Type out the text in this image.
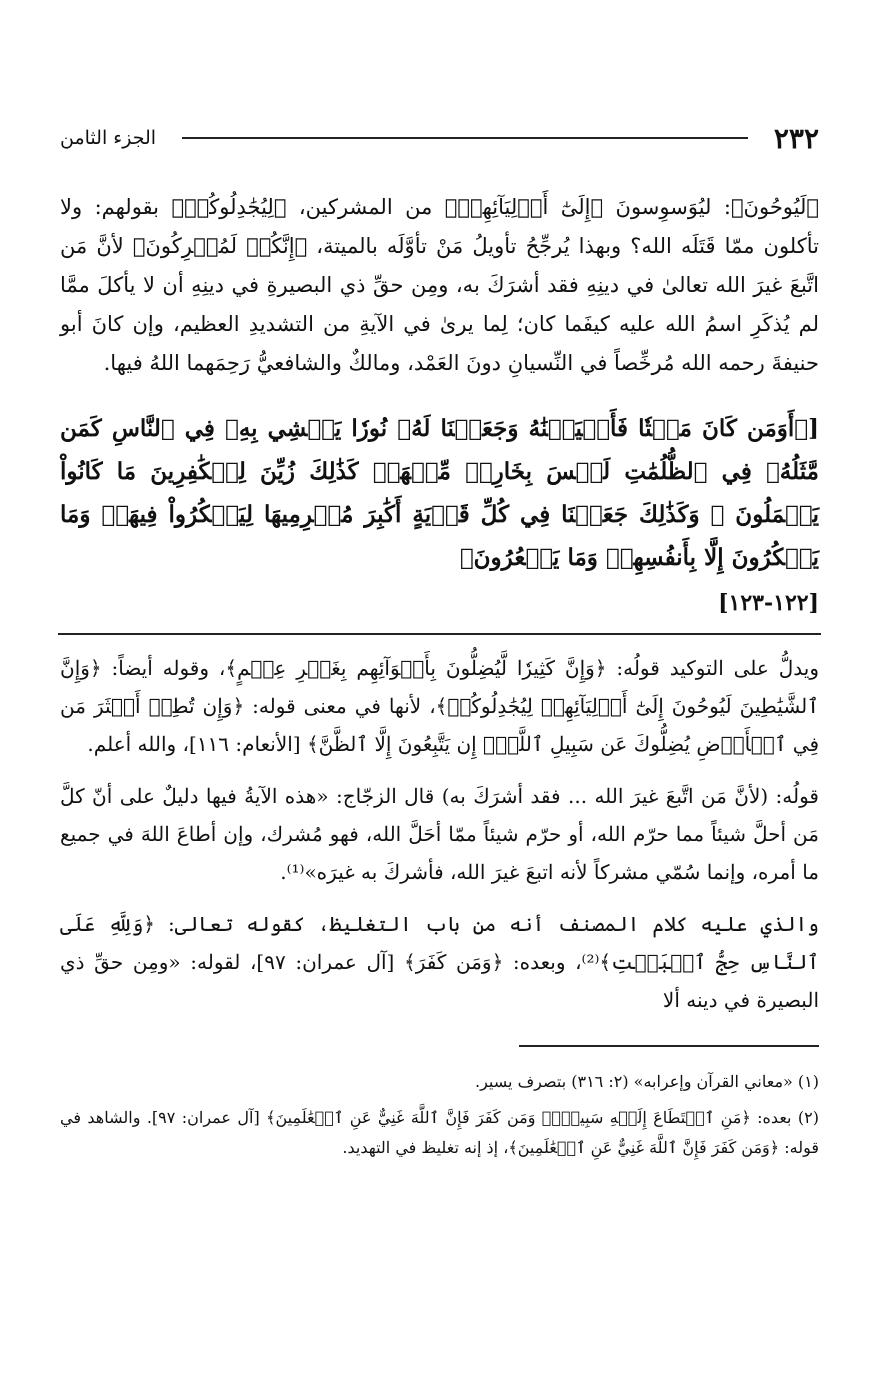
٢٣٢
الجزء الثامن

﴿لَيُوحُونَ﴾: ليُوَسوِسونَ ﴿إِلَىٰٓ أَوۡلِيَآئِهِمۡ﴾ من المشركين، ﴿لِيُجَٰدِلُوكُمۡ﴾ بقولهم: ولا تأكلون ممّا قَتَلَه الله؟ وبهذا يُرجِّحُ تأويلُ مَنْ تأوَّلَه بالميتة، ﴿إِنَّكُمۡ لَمُشۡرِكُونَ﴾ لأنَّ مَن اتَّبعَ غيرَ الله تعالىٰ في دينِهِ فقد أشرَكَ به، ومِن حقِّ ذي البصيرةِ في دينِهِ أن لا يأكلَ ممَّا لم يُذكَرِ اسمُ الله عليه كيفَما كان؛ لِما يرىٰ في الآيةِ من التشديدِ العظيم، وإن كانَ أبو حنيفةَ رحمه الله مُرخِّصاً في النِّسيانِ دونَ العَمْد، ومالكٌ والشافعيُّ رَحِمَهما اللهُ فيها.

[﴿أَوَمَن كَانَ مَيۡتٗا فَأَحۡيَيۡنَٰهُ وَجَعَلۡنَا لَهُۥ نُورٗا يَمۡشِي بِهِۦ فِي ٱلنَّاسِ كَمَن مَّثَلُهُۥ فِي ٱلظُّلُمَٰتِ لَيۡسَ بِخَارِجٖ مِّنۡهَاۚ كَذَٰلِكَ زُيِّنَ لِلۡكَٰفِرِينَ مَا كَانُواْ يَعۡمَلُونَ ۞ وَكَذَٰلِكَ جَعَلۡنَا فِي كُلِّ قَرۡيَةٍ أَكَٰبِرَ مُجۡرِمِيهَا لِيَمۡكُرُواْ فِيهَاۖ وَمَا يَمۡكُرُونَ إِلَّا بِأَنفُسِهِمۡ وَمَا يَشۡعُرُونَ﴾

[١٢٢-١٢٣]

ويدلُّ على التوكيد قولُه: ﴿وَإِنَّ كَثِيرٗا لَّيُضِلُّونَ بِأَهۡوَآئِهِم بِغَيۡرِ عِلۡمٍ﴾، وقوله أيضاً: ﴿وَإِنَّ ٱلشَّيَٰطِينَ لَيُوحُونَ إِلَىٰٓ أَوۡلِيَآئِهِمۡ لِيُجَٰدِلُوكُمۡ﴾، لأنها في معنى قوله: ﴿وَإِن تُطِعۡ أَكۡثَرَ مَن فِي ٱلۡأَرۡضِ يُضِلُّوكَ عَن سَبِيلِ ٱللَّهِۚ إِن يَتَّبِعُونَ إِلَّا ٱلظَّنَّ﴾ [الأنعام: ١١٦]، والله أعلم.

قولُه: (لأنَّ مَن اتَّبعَ غيرَ الله ... فقد أشرَكَ به) قال الزجّاج: «هذه الآيةُ فيها دليلٌ على أنّ كلَّ مَن أحلَّ شيئاً مما حرّم الله، أو حرّم شيئاً ممّا أحَلَّ الله، فهو مُشرك، وإن أطاعَ اللهَ في جميع ما أمره، وإنما سُمّي مشركاً لأنه اتبعَ غيرَ الله، فأشركَ به غيرَه»⁽¹⁾.

والذي عليه كلام المصنف أنه من باب التغليظ، كقوله تعالى: ﴿وَلِلَّهِ عَلَى ٱلنَّاسِ حِجُّ ٱلۡبَيۡتِ﴾⁽²⁾، وبعده: ﴿وَمَن كَفَرَ﴾ [آل عمران: ٩٧]، لقوله: «ومِن حقِّ ذي البصيرة في دينه ألا

(١) «معاني القرآن وإعرابه» (٢: ٣١٦) بتصرف يسير.

(٢) بعده: ﴿مَنِ ٱسۡتَطَاعَ إِلَيۡهِ سَبِيلٗاۚ وَمَن كَفَرَ فَإِنَّ ٱللَّهَ غَنِيٌّ عَنِ ٱلۡعَٰلَمِينَ﴾ [آل عمران: ٩٧]. والشاهد في قوله: ﴿وَمَن كَفَرَ فَإِنَّ ٱللَّهَ غَنِيٌّ عَنِ ٱلۡعَٰلَمِينَ﴾، إذ إنه تغليظ في التهديد.
